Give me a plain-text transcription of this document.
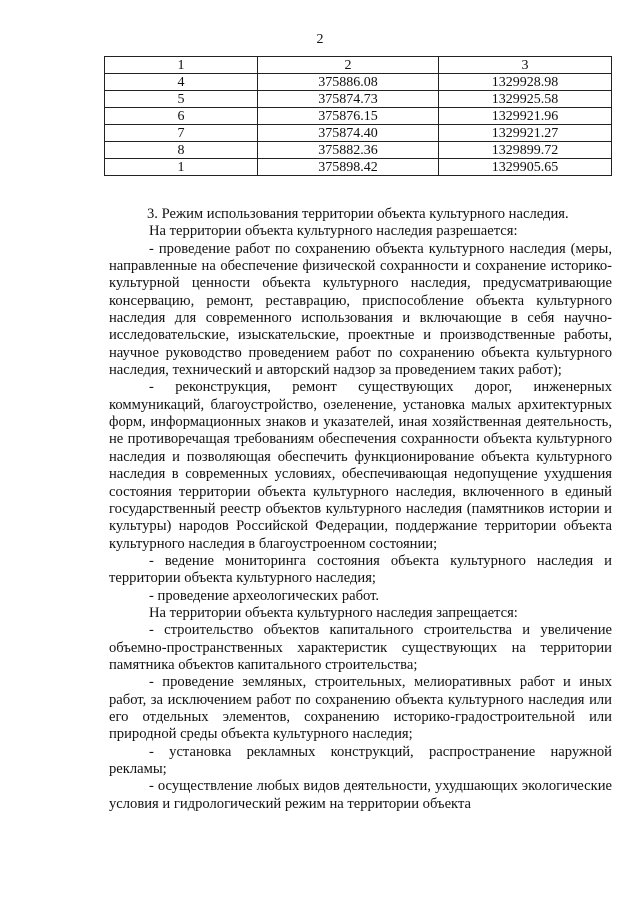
2
1	2	3
4	375886.08	1329928.98
5	375874.73	1329925.58
6	375876.15	1329921.96
7	375874.40	1329921.27
8	375882.36	1329899.72
1	375898.42	1329905.65

3. Режим использования территории объекта культурного наследия.

На территории объекта культурного наследия разрешается:

- проведение работ по сохранению объекта культурного наследия (меры, направленные на обеспечение физической сохранности и сохранение историко-культурной ценности объекта культурного наследия, предусматривающие консервацию, ремонт, реставрацию, приспособление объекта культурного наследия для современного использования и включающие в себя научно-исследовательские, изыскательские, проектные и производственные работы, научное руководство проведением работ по сохранению объекта культурного наследия, технический и авторский надзор за проведением таких работ);

- реконструкция, ремонт существующих дорог, инженерных коммуникаций, благоустройство, озеленение, установка малых архитектурных форм, информационных знаков и указателей, иная хозяйственная деятельность, не противоречащая требованиям обеспечения сохранности объекта культурного наследия и позволяющая обеспечить функционирование объекта культурного наследия в современных условиях, обеспечивающая недопущение ухудшения состояния территории объекта культурного наследия, включенного в единый государственный реестр объектов культурного наследия (памятников истории и культуры) народов Российской Федерации, поддержание территории объекта культурного наследия в благоустроенном состоянии;

- ведение мониторинга состояния объекта культурного наследия и территории объекта культурного наследия;

- проведение археологических работ.

На территории объекта культурного наследия запрещается:

- строительство объектов капитального строительства и увеличение объемно-пространственных характеристик существующих на территории памятника объектов капитального строительства;

- проведение земляных, строительных, мелиоративных работ и иных работ, за исключением работ по сохранению объекта культурного наследия или его отдельных элементов, сохранению историко-градостроительной или природной среды объекта культурного наследия;

- установка рекламных конструкций, распространение наружной рекламы;

- осуществление любых видов деятельности, ухудшающих экологические условия и гидрологический режим на территории объекта
